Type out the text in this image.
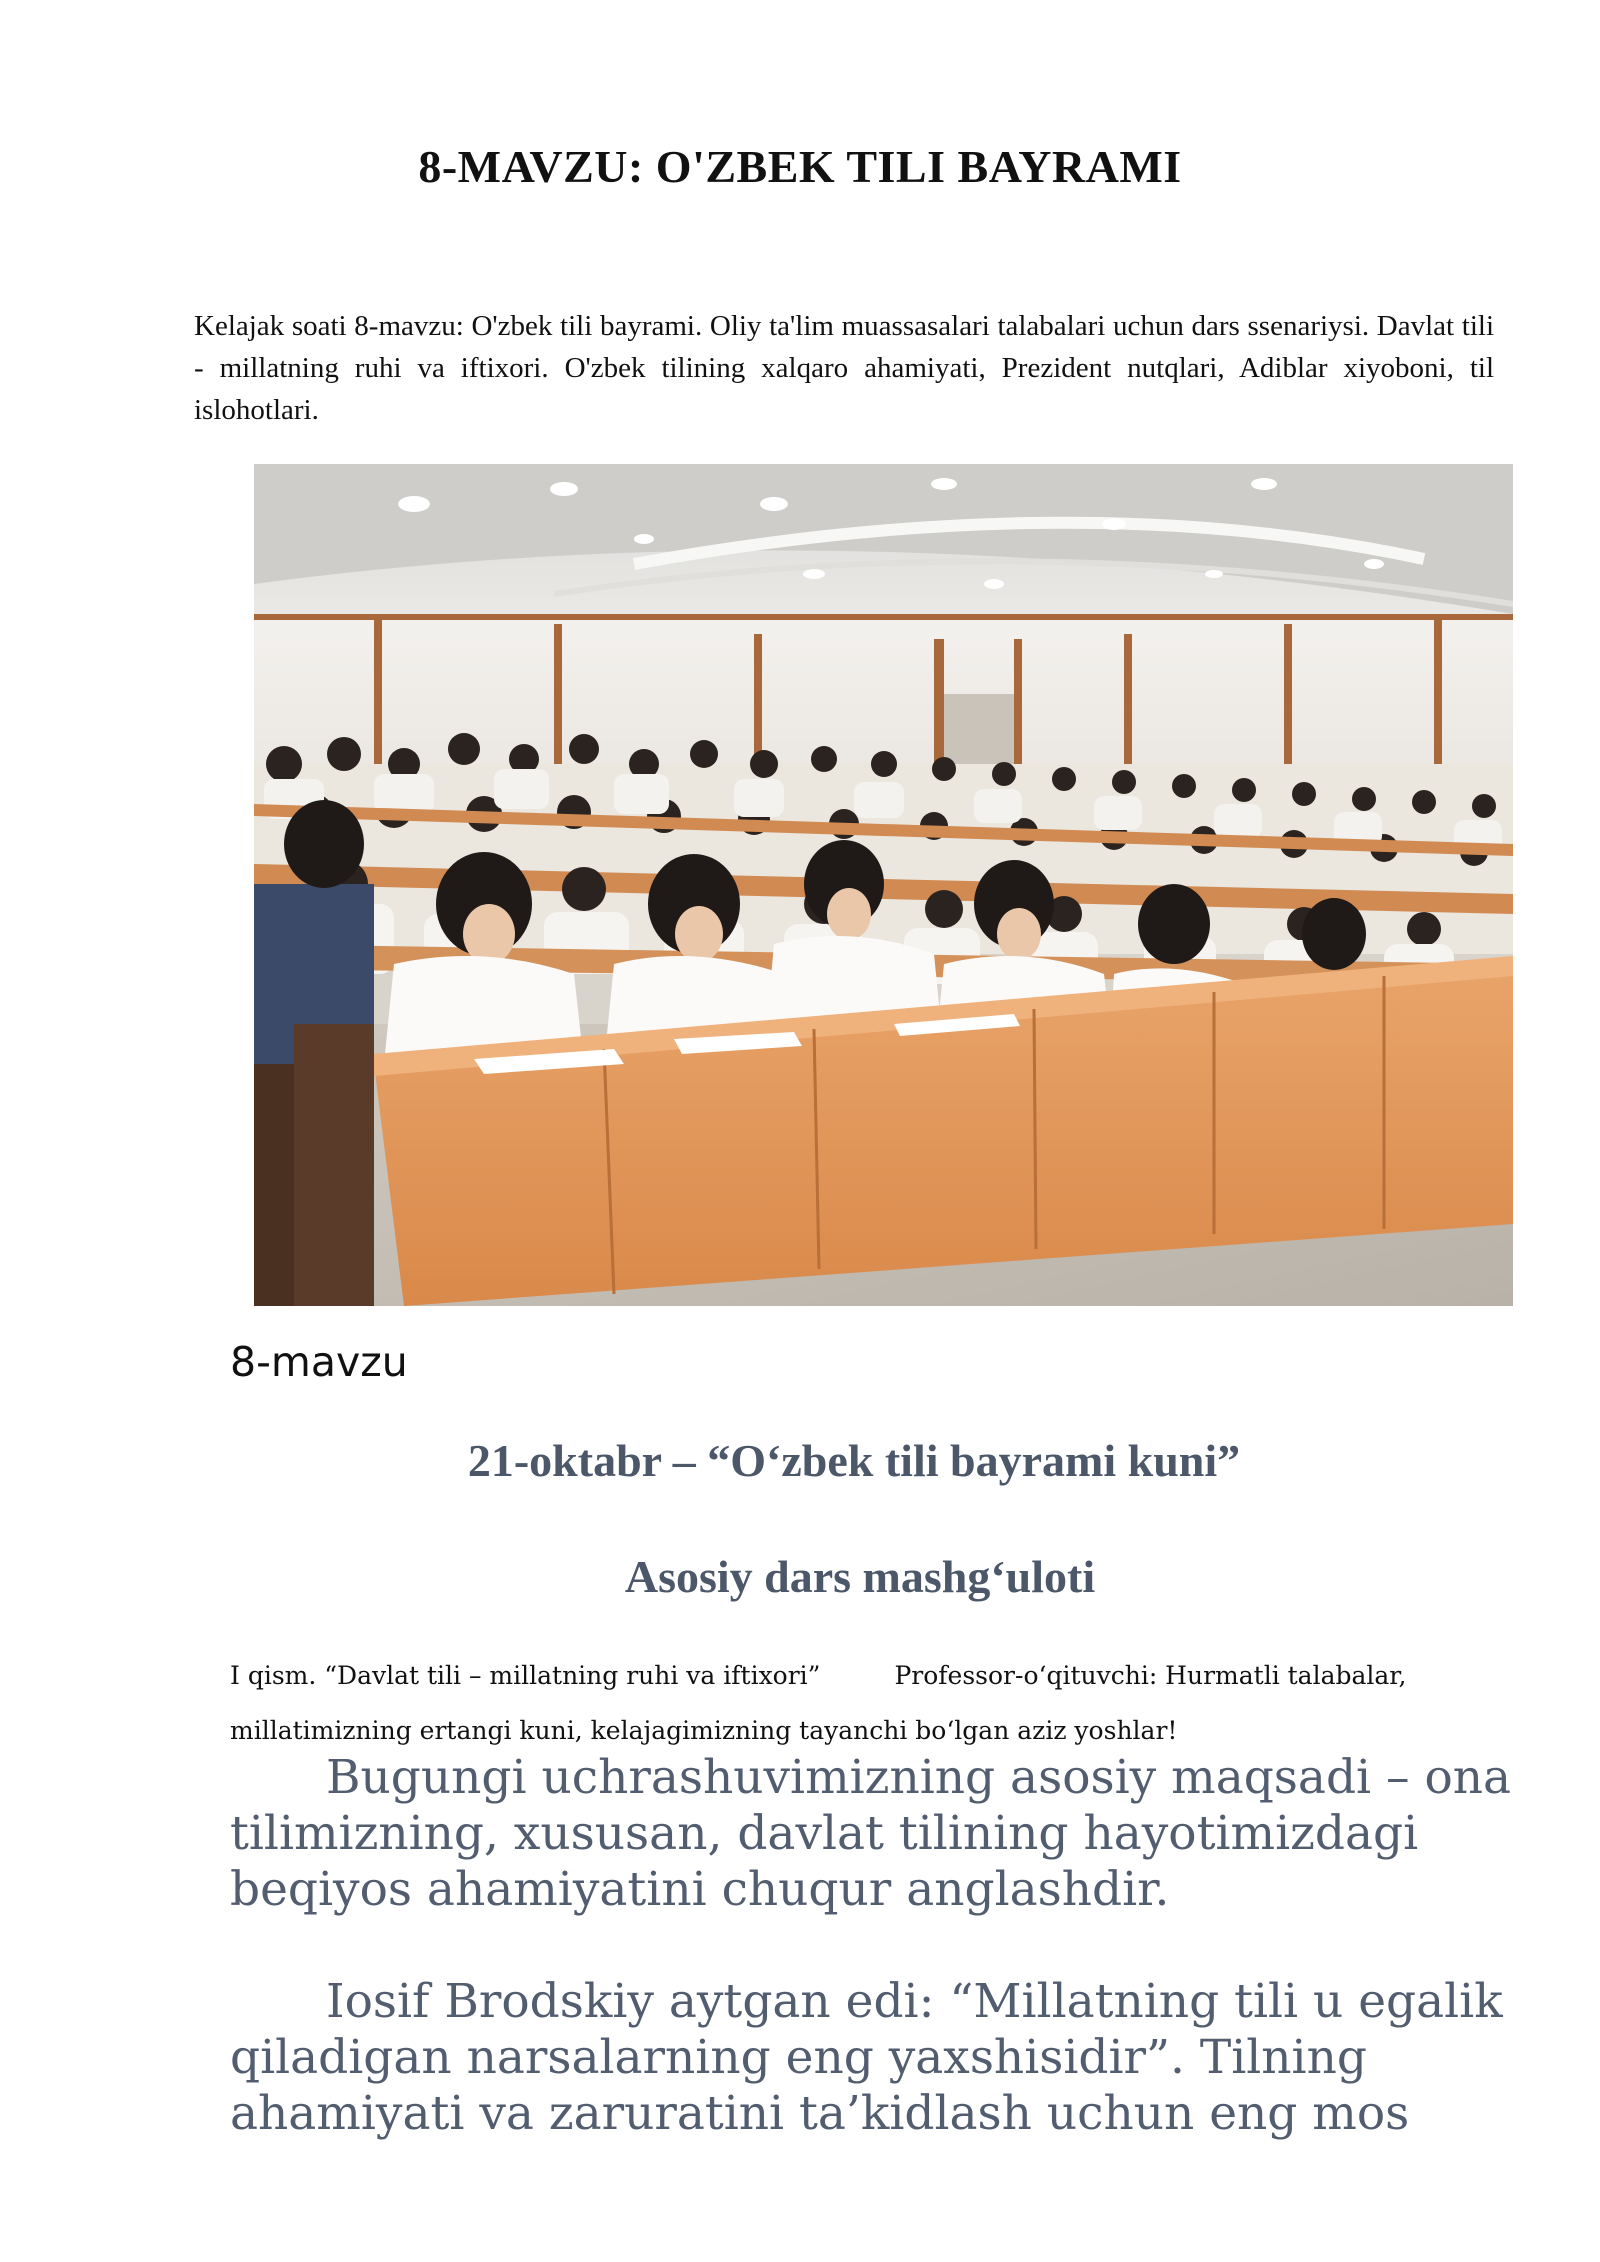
8-MAVZU: O'ZBEK TILI BAYRAMI

Kelajak soati 8-mavzu: O'zbek tili bayrami. Oliy ta'lim muassasalari talabalari uchun dars ssenariysi. Davlat tili - millatning ruhi va iftixori. O'zbek tilining xalqaro ahamiyati, Prezident nutqlari, Adiblar xiyoboni, til islohotlari.

8-mavzu

21-oktabr – “O‘zbek tili bayrami kuni”
Asosiy dars mashg‘uloti

I qism. “Davlat tili – millatning ruhi va iftixori”	Professor-o‘qituvchi: Hurmatli talabalar,

millatimizning ertangi kuni, kelajagimizning tayanchi bo‘lgan aziz yoshlar!

Bugungi uchrashuvimizning asosiy maqsadi – ona tilimizning, xususan, davlat tilining hayotimizdagi beqiyos ahamiyatini chuqur anglashdir.

Iosif Brodskiy aytgan edi: “Millatning tili u egalik qiladigan narsalarning eng yaxshisidir”. Tilning ahamiyati va zaruratini ta’kidlash uchun eng mos
